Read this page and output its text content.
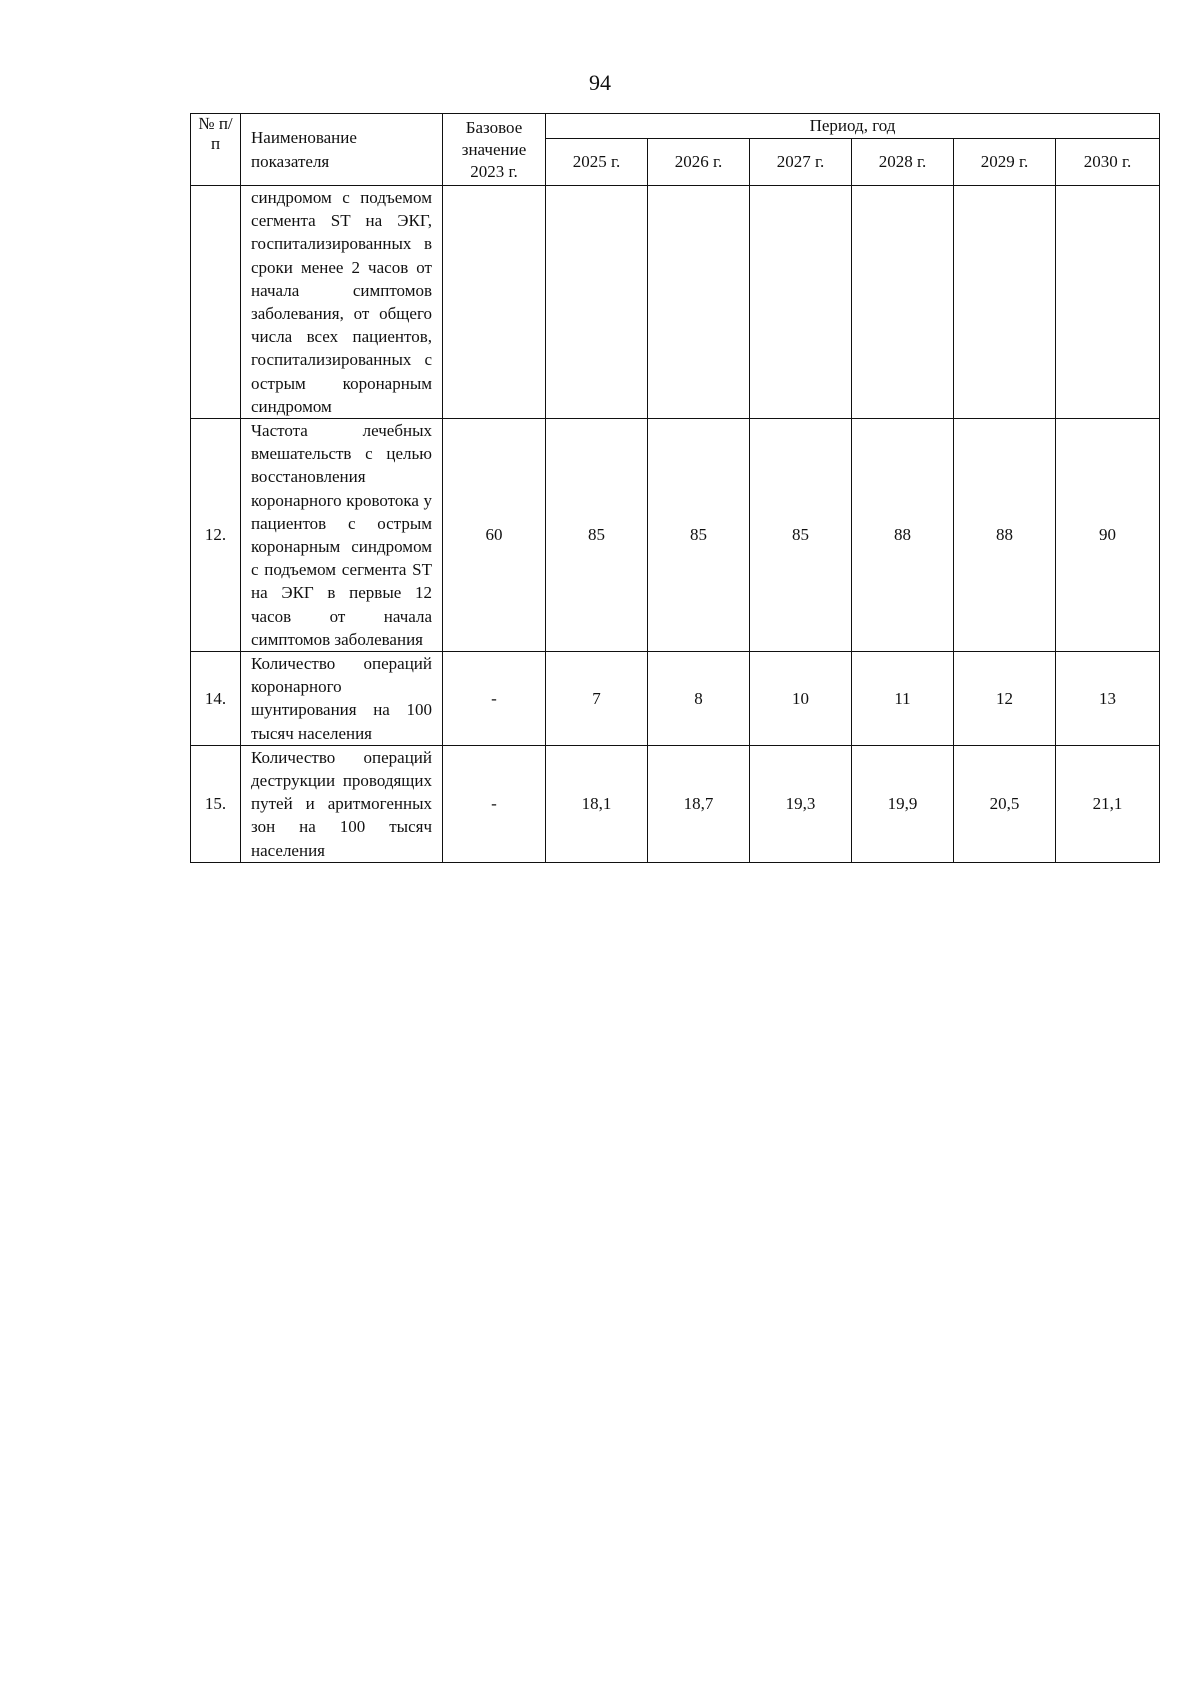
94
№ п/п	Наименование показателя	Базовое значение 2023 г.	Период, год					
			2025 г.	2026 г.	2027 г.	2028 г.	2029 г.	2030 г.
	синдромом с подъемом сегмента ST на ЭКГ, госпитализированных в сроки менее 2 часов от начала симптомов заболевания, от общего числа всех пациентов, госпитализированных с острым коронарным синдромом							
12.	Частота лечебных вмешательств с целью восстановления коронарного кровотока у пациентов с острым коронарным синдромом с подъемом сегмента ST на ЭКГ в первые 12 часов от начала симптомов заболевания	60	85	85	85	88	88	90
14.	Количество операций коронарного шунтирования на 100 тысяч населения	-	7	8	10	11	12	13
15.	Количество операций деструкции проводящих путей и аритмогенных зон на 100 тысяч населения	-	18,1	18,7	19,3	19,9	20,5	21,1
